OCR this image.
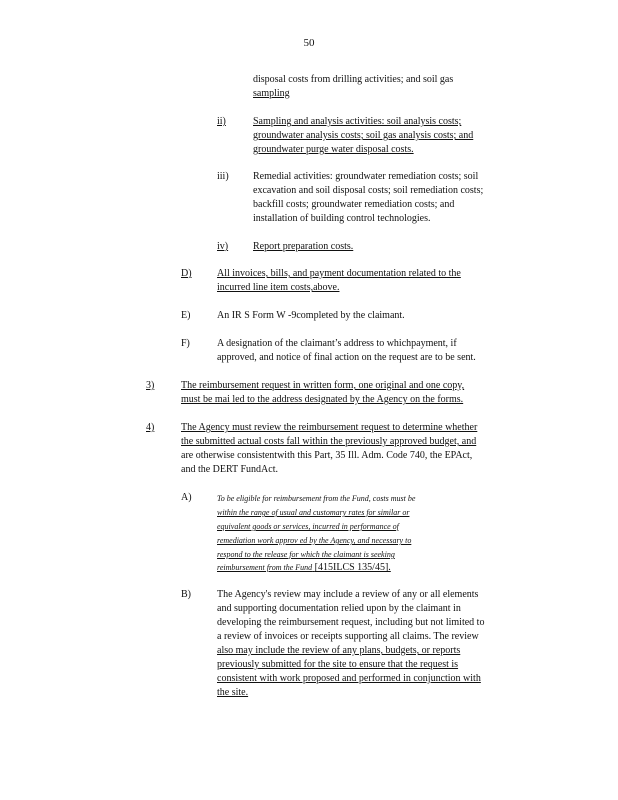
50
disposal costs from drilling activities; and soil gas
sampling
ii)	Sampling and analysis activities: soil analysis costs;
groundwater analysis costs; soil gas analysis costs; and
groundwater purge water disposal costs.
iii) Remedial activities: groundwater remediation costs; soil
excavation and soil disposal costs; soil remediation costs;
backfill costs; groundwater remediation costs; and
installation of building control technologies.
iv) Report preparation costs.
D)	All invoices, bills, and payment documentation related to the
incurred line item costs,above.
E)	An IR S Form W -9completed by the claimant.
F)	A designation of the claimant’s address to whichpayment, if
approved, and notice of final action on the request are to be sent.
3)	The reimbursement request in written form, one original and one copy,
must be mai led to the address designated by the Agency on the forms.
4)	The Agency must review the reimbursement request to determine whether
the submitted actual costs fall within the previously approved budget, and
are otherwise consistentwith this Part, 35 Ill. Adm. Code 740, the EPAct,
and the DERT FundAct.
A)	To be eligible for reimbursement from the Fund, costs must be
within the range of usual and customary rates for similar or
equivalent goods or services, incurred in performance of
remediation work approv ed by the Agency, and necessary to
respond to the release for which the claimant is seeking
reimbursement from the Fund [415ILCS 135/45].
B)	The Agency's review may include a review of any or all elements
and supporting documentation relied upon by the claimant in
developing the reimbursement request, including but not limited to
a review of invoices or receipts supporting all claims. The review
also may include the review of any plans, budgets, or reports
previously submitted for the site to ensure that the request is
consistent with work proposed and performed in conjunction with
the site.
